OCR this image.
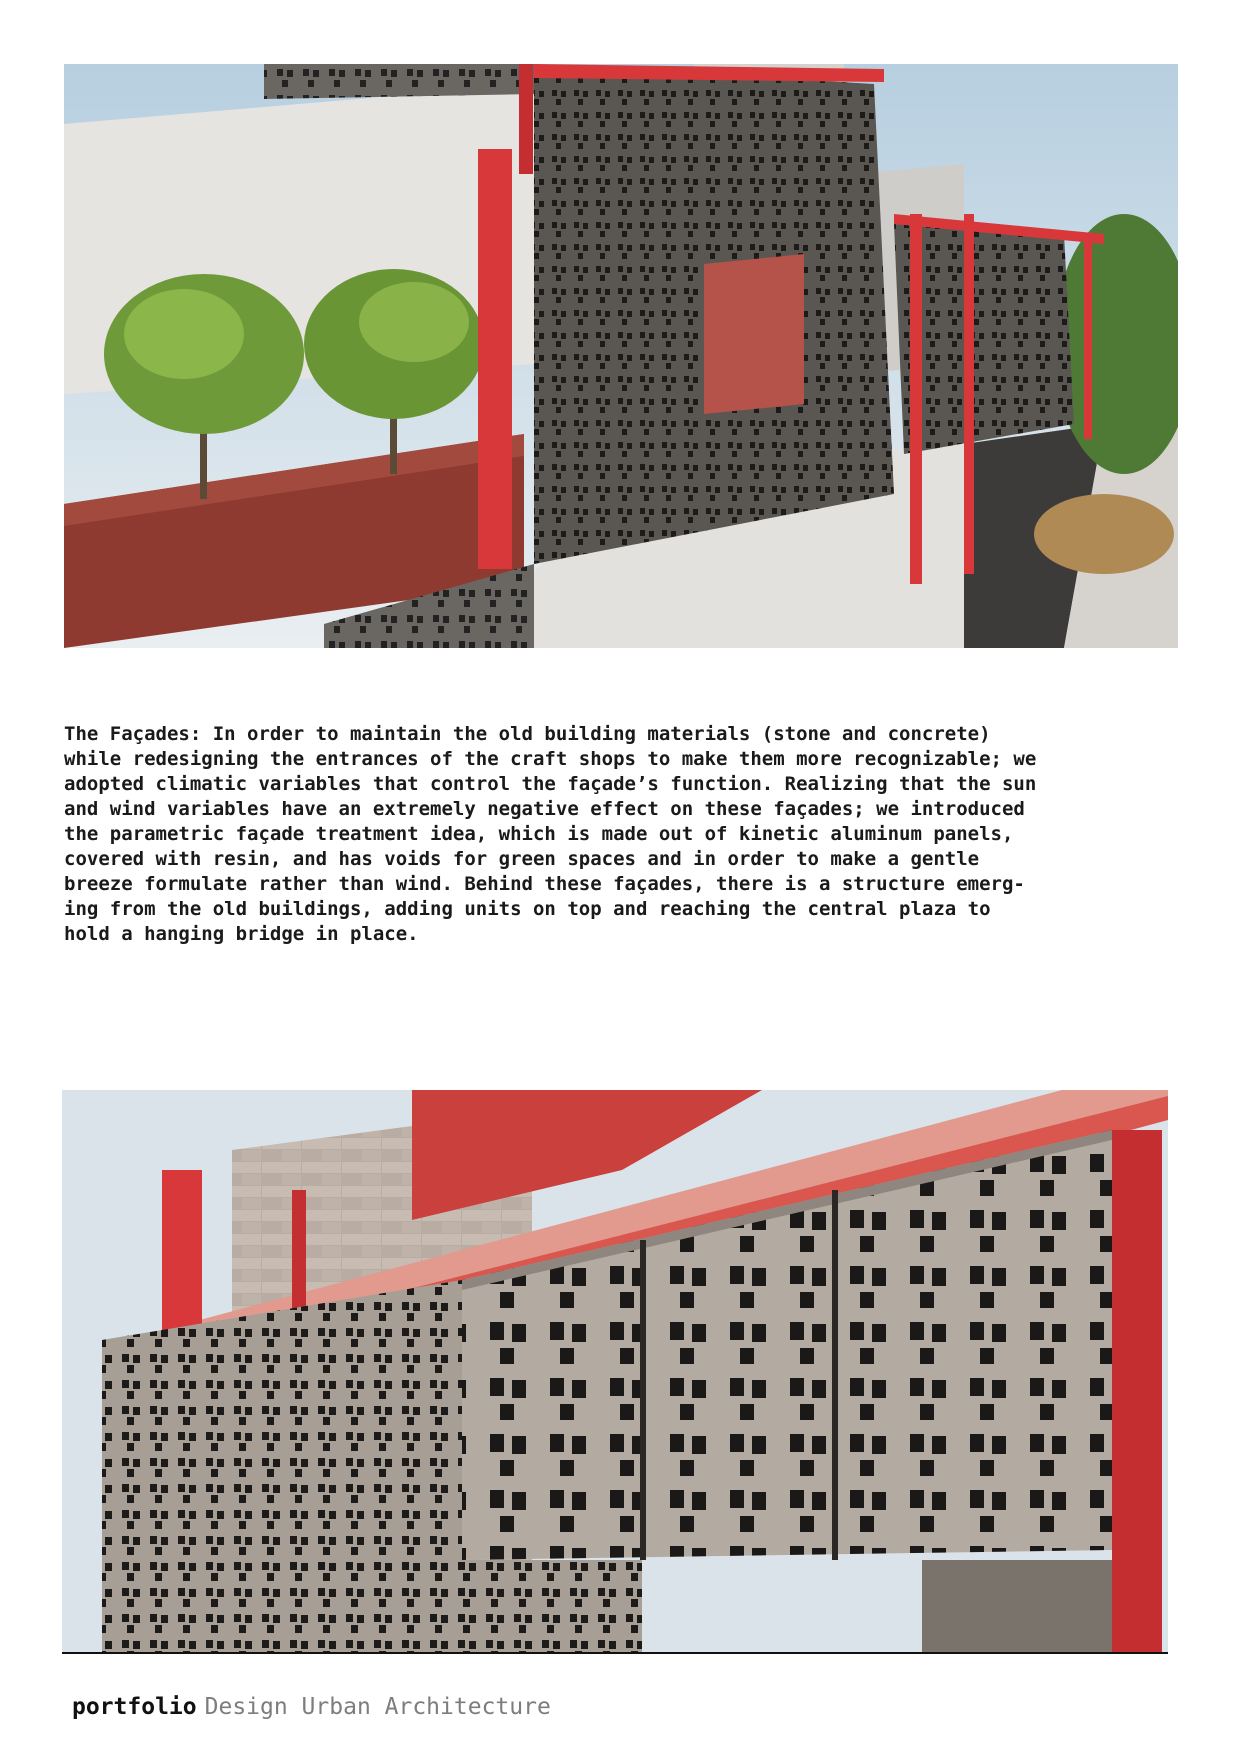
The Façades: In order to maintain the old building materials (stone and concrete)
while redesigning the entrances of the craft shops to make them more recognizable; we
adopted climatic variables that control the façade’s function. Realizing that the sun
and wind variables have an extremely negative effect on these façades; we introduced
the parametric façade treatment idea, which is made out of kinetic aluminum panels,
covered with resin, and has voids for green spaces and in order to make a gentle
breeze formulate rather than wind. Behind these façades, there is a structure emerg-
ing from the old buildings, adding units on top and reaching the central plaza to
hold a hanging bridge in place.

portfolio Design Urban Architecture
